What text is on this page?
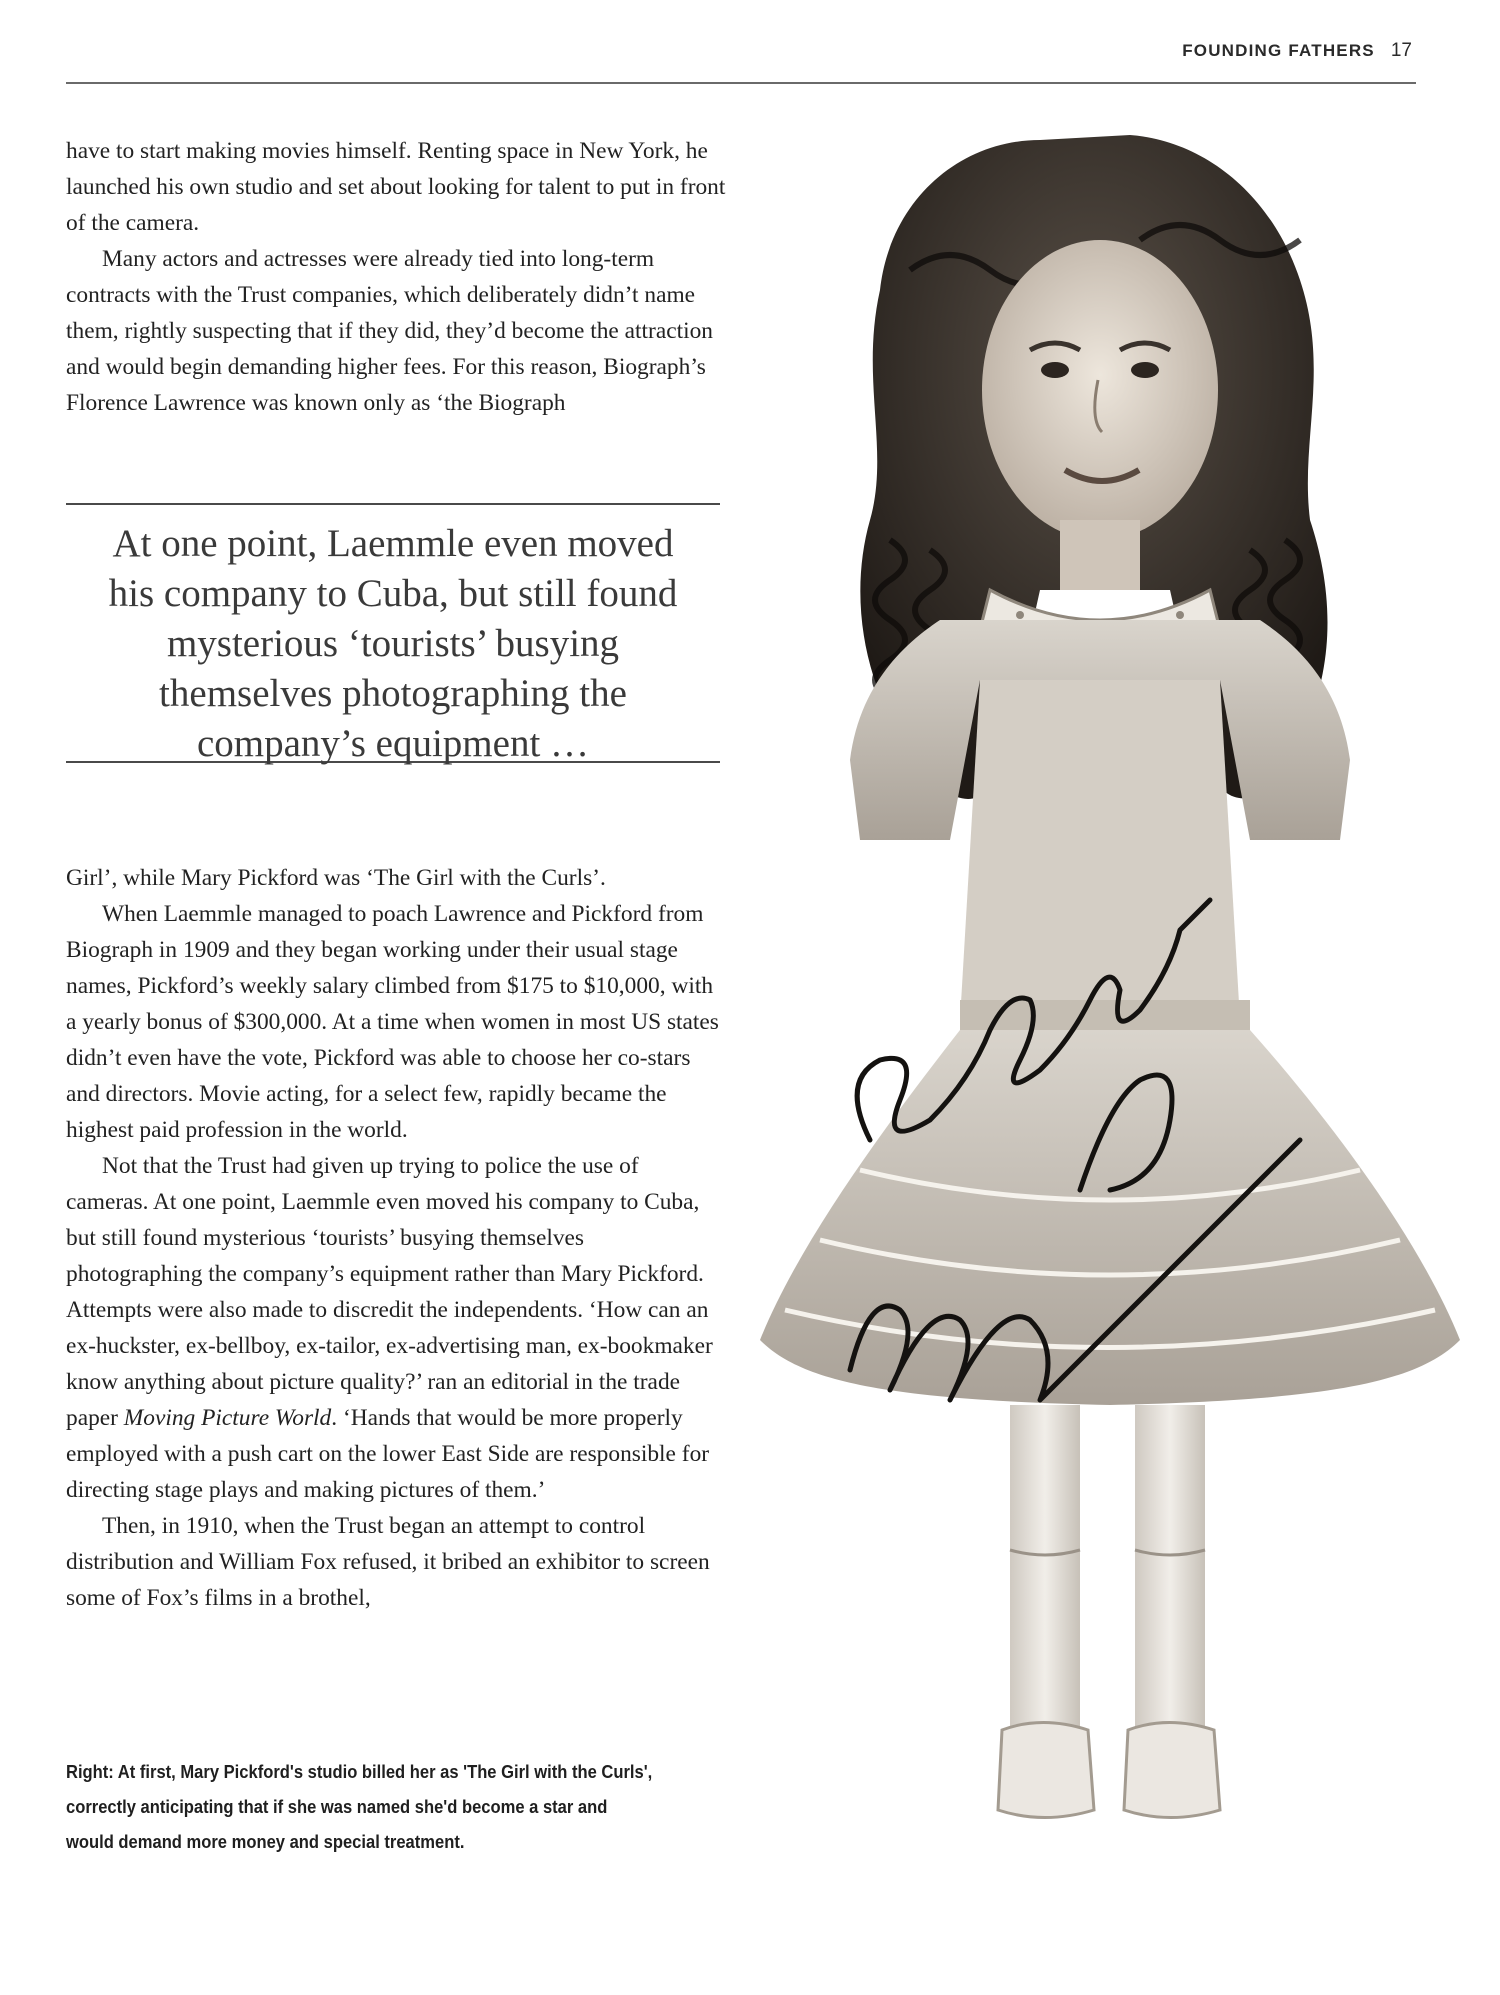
FOUNDING FATHERS 17

have to start making movies himself. Renting space in New York, he launched his own studio and set about looking for talent to put in front of the camera.

Many actors and actresses were already tied into long-term contracts with the Trust companies, which deliberately didn’t name them, rightly suspecting that if they did, they’d become the attraction and would begin demanding higher fees. For this reason, Biograph’s Florence Lawrence was known only as ‘the Biograph

At one point, Laemmle even moved his company to Cuba, but still found mysterious ‘tourists’ busying themselves photographing the company’s equipment …

Girl’, while Mary Pickford was ‘The Girl with the Curls’.

When Laemmle managed to poach Lawrence and Pickford from Biograph in 1909 and they began working under their usual stage names, Pickford’s weekly salary climbed from $175 to $10,000, with a yearly bonus of $300,000. At a time when women in most US states didn’t even have the vote, Pickford was able to choose her co-stars and directors. Movie acting, for a select few, rapidly became the highest paid profession in the world.

Not that the Trust had given up trying to police the use of cameras. At one point, Laemmle even moved his company to Cuba, but still found mysterious ‘tourists’ busying themselves photographing the company’s equipment rather than Mary Pickford. Attempts were also made to discredit the independents. ‘How can an ex-huckster, ex-bellboy, ex-tailor, ex-advertising man, ex-bookmaker know anything about picture quality?’ ran an editorial in the trade paper Moving Picture World. ‘Hands that would be more properly employed with a push cart on the lower East Side are responsible for directing stage plays and making pictures of them.’

Then, in 1910, when the Trust began an attempt to control distribution and William Fox refused, it bribed an exhibitor to screen some of Fox’s films in a brothel,

Right: At first, Mary Pickford's studio billed her as 'The Girl with the Curls', correctly anticipating that if she was named she'd become a star and would demand more money and special treatment.
